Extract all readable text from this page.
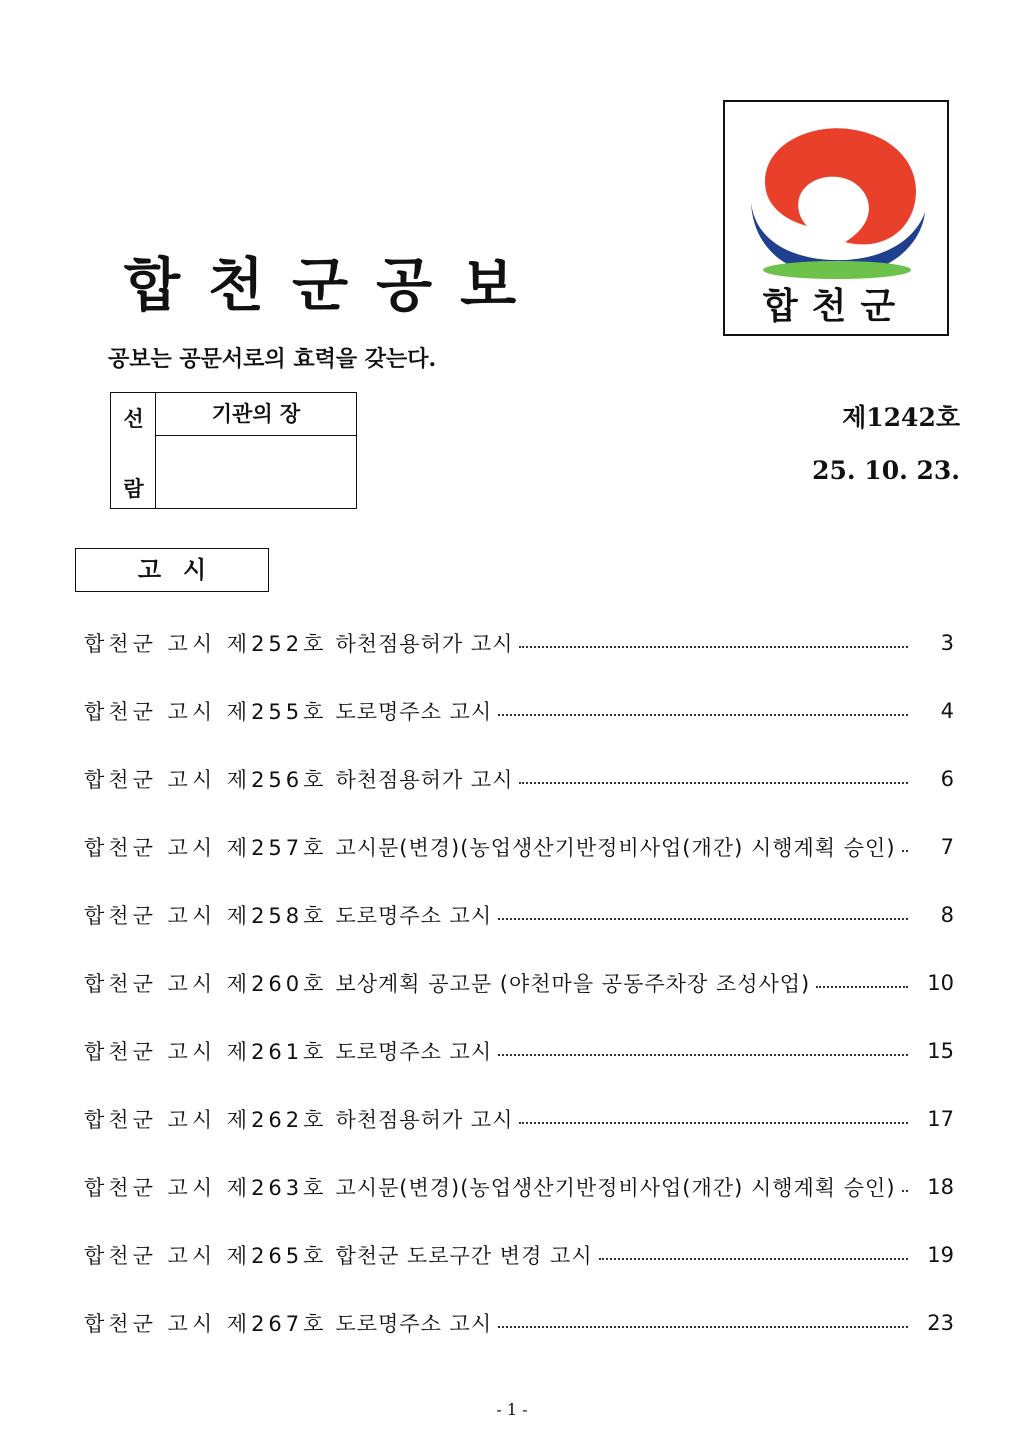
합천군공보
공보는 공문서로의 효력을 갖는다.
합천군
선
람
기관의 장	제1242호
25. 10. 23.
고시
합천군 고시 제252호 하천점용허가 고시	3
합천군 고시 제255호 도로명주소 고시	4
합천군 고시 제256호 하천점용허가 고시	6
합천군 고시 제257호 고시문(변경)(농업생산기반정비사업(개간) 시행계획 승인)	7
합천군 고시 제258호 도로명주소 고시	8
합천군 고시 제260호 보상계획 공고문 (야천마을 공동주차장 조성사업)	10
합천군 고시 제261호 도로명주소 고시	15
합천군 고시 제262호 하천점용허가 고시	17
합천군 고시 제263호 고시문(변경)(농업생산기반정비사업(개간) 시행계획 승인)	18
합천군 고시 제265호 합천군 도로구간 변경 고시	19
합천군 고시 제267호 도로명주소 고시	23
- 1 -
